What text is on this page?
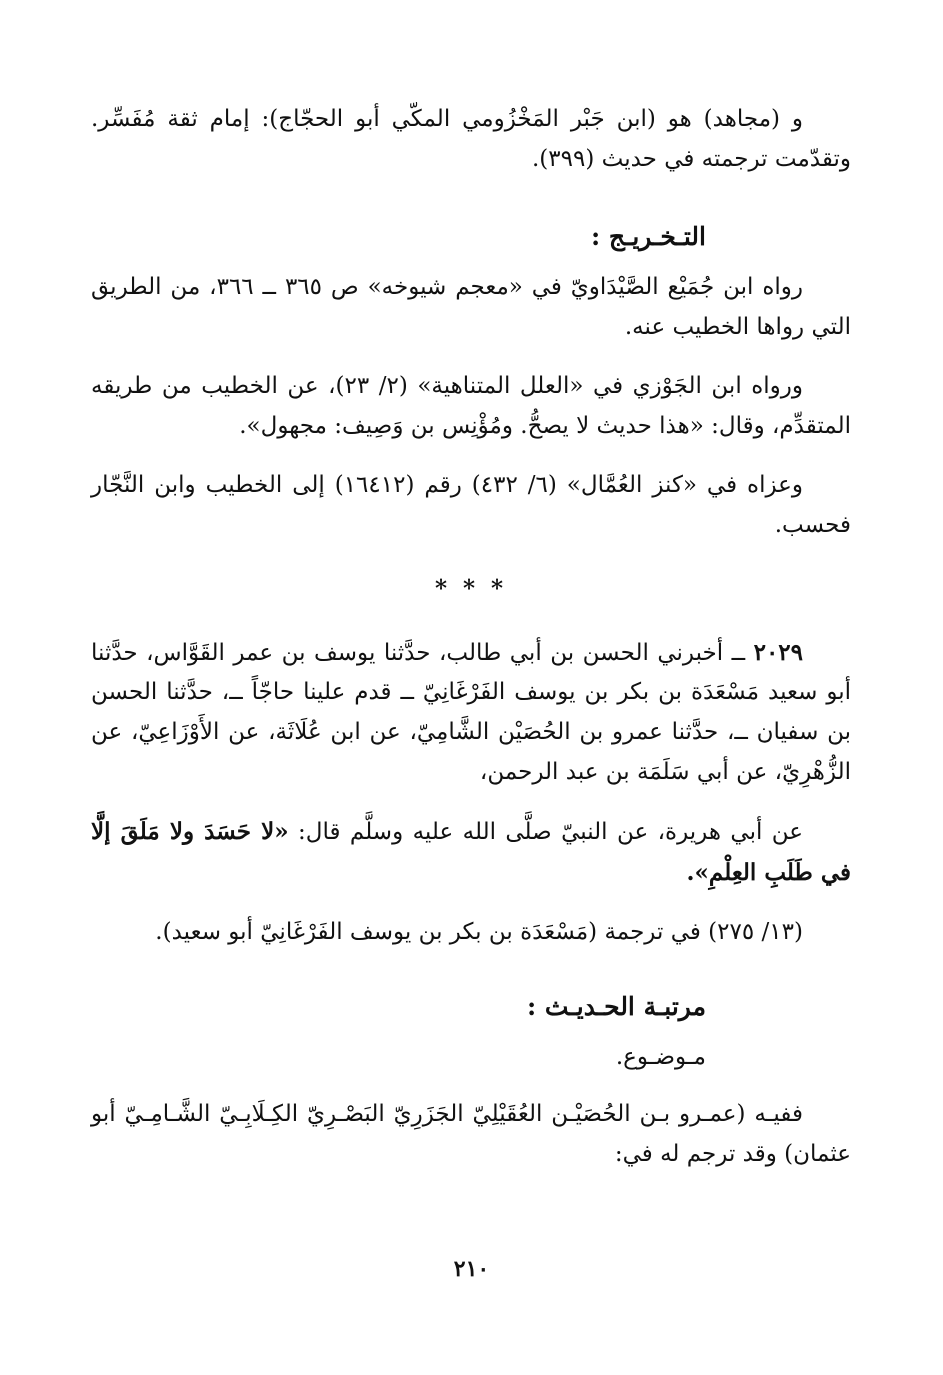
و (مجاهد) هو (ابن جَبْر المَخْزُومي المكّي أبو الحجّاج): إمام ثقة مُفَسِّر. وتقدّمت ترجمته في حديث (٣٩٩).

التـخـريـج :

رواه ابن جُمَيْع الصَّيْدَاويّ في «معجم شيوخه» ص ٣٦٥ ــ ٣٦٦، من الطريق التي رواها الخطيب عنه.

ورواه ابن الجَوْزي في «العلل المتناهية» (٢/ ٢٣)، عن الخطيب من طريقه المتقدِّم، وقال: «هذا حديث لا يصحُّ. ومُؤْنِس بن وَصِيف: مجهول».

وعزاه في «كنز العُمَّال» (٦/ ٤٣٢) رقم (١٦٤١٢) إلى الخطيب وابن النَّجّار فحسب.

* * *

٢٠٢٩ ــ أخبرني الحسن بن أبي طالب، حدَّثنا يوسف بن عمر القَوَّاس، حدَّثنا أبو سعيد مَسْعَدَة بن بكر بن يوسف الفَرْغَانِيّ ــ قدم علينا حاجّاً ــ، حدَّثنا الحسن بن سفيان ــ، حدَّثنا عمرو بن الحُصَيْن الشَّامِيّ، عن ابن عُلَاثَة، عن الأَوْزَاعِيّ، عن الزُّهْرِيّ، عن أبي سَلَمَة بن عبد الرحمن،

عن أبي هريرة، عن النبيّ صلَّى الله عليه وسلَّم قال: «لا حَسَدَ ولا مَلَقَ إلَّا في طَلَبِ العِلْمِ».

(١٣/ ٢٧٥) في ترجمة (مَسْعَدَة بن بكر بن يوسف الفَرْغَانِيّ أبو سعيد).

مرتبـة الحـديـث :

مـوضـوع.

ففيـه (عمـرو بـن الحُصَيْـن العُقَيْلِيّ الجَزَرِيّ البَصْـرِيّ الكِـلَابِـيّ الشَّـامِـيّ أبو عثمان) وقد ترجم له في:

٢١٠
